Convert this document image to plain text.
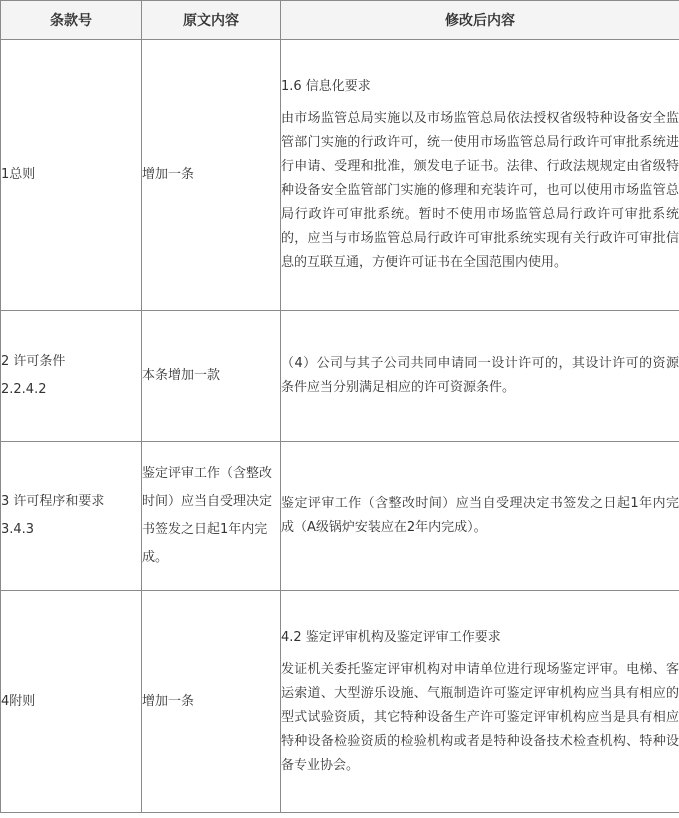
条款号	原文内容	修改后内容
1总则	增加一条	1.6 信息化要求

由市场监管总局实施以及市场监管总局依法授权省级特种设备安全监管部门实施的行政许可，统一使用市场监管总局行政许可审批系统进行申请、受理和批准，颁发电子证书。法律、行政法规规定由省级特种设备安全监管部门实施的修理和充装许可，也可以使用市场监管总局行政许可审批系统。暂时不使用市场监管总局行政许可审批系统的，应当与市场监管总局行政许可审批系统实现有关行政许可审批信息的互联互通，方便许可证书在全国范围内使用。

2 许可条件
2.2.4.2	本条增加一款	（4）公司与其子公司共同申请同一设计许可的，其设计许可的资源条件应当分别满足相应的许可资源条件。

3 许可程序和要求
3.4.3	鉴定评审工作（含整改时间）应当自受理决定书签发之日起1年内完成。	鉴定评审工作（含整改时间）应当自受理决定书签发之日起1年内完成（A级锅炉安装应在2年内完成）。

4附则	增加一条	4.2 鉴定评审机构及鉴定评审工作要求

发证机关委托鉴定评审机构对申请单位进行现场鉴定评审。电梯、客运索道、大型游乐设施、气瓶制造许可鉴定评审机构应当具有相应的型式试验资质，其它特种设备生产许可鉴定评审机构应当是具有相应特种设备检验资质的检验机构或者是特种设备技术检查机构、特种设备专业协会。
